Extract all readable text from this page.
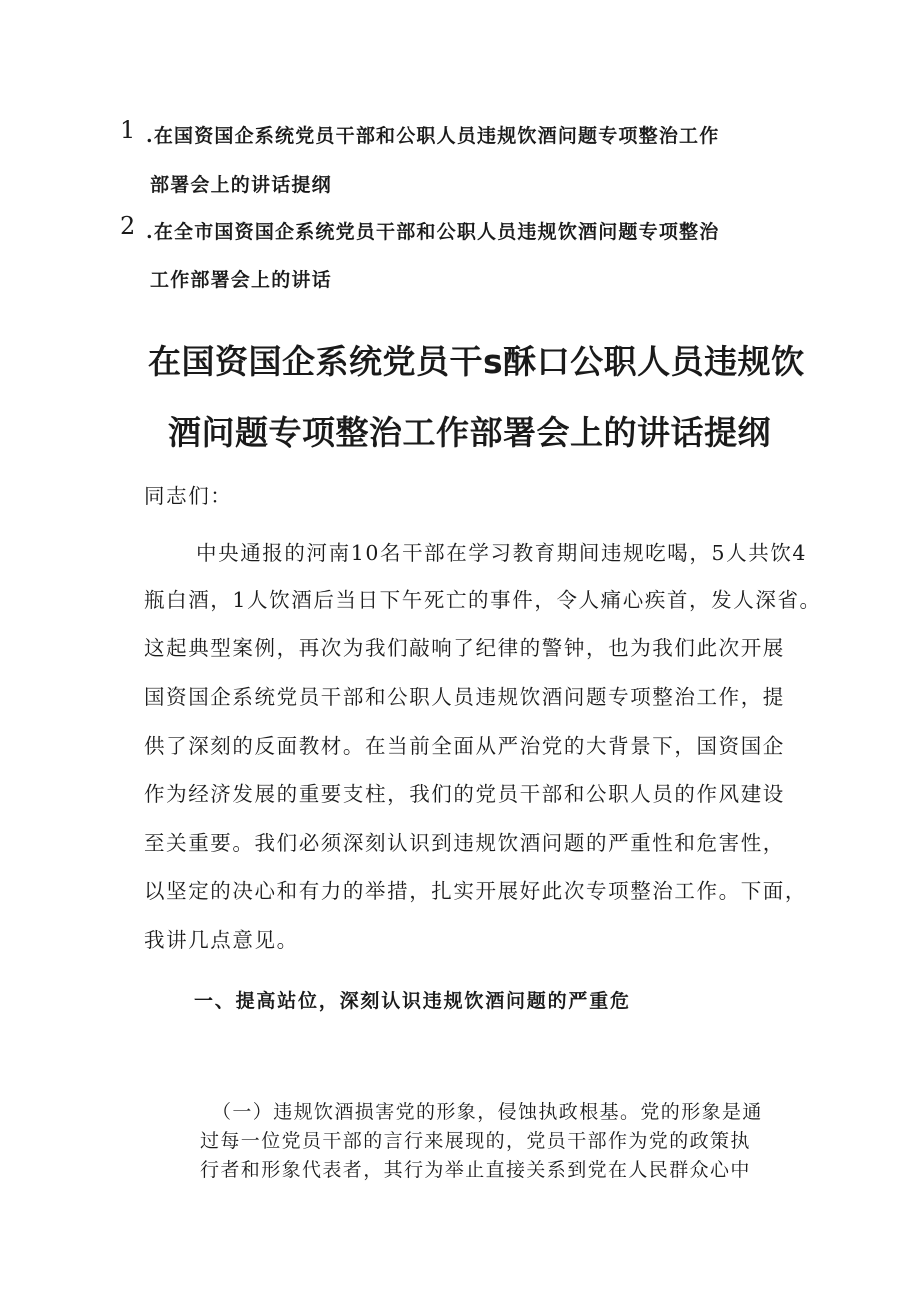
1 .在国资国企系统党员干部和公职人员违规饮酒问题专项整治工作
部署会上的讲话提纲
2 .在全市国资国企系统党员干部和公职人员违规饮酒问题专项整治
工作部署会上的讲话
在国资国企系统党员干s酥口公职人员违规饮
酒问题专项整治工作部署会上的讲话提纲
同志们：
中央通报的河南10名干部在学习教育期间违规吃喝，5人共饮4
瓶白酒，1人饮酒后当日下午死亡的事件，令人痛心疾首，发人深省。
这起典型案例，再次为我们敲响了纪律的警钟，也为我们此次开展
国资国企系统党员干部和公职人员违规饮酒问题专项整治工作，提
供了深刻的反面教材。在当前全面从严治党的大背景下，国资国企
作为经济发展的重要支柱，我们的党员干部和公职人员的作风建设
至关重要。我们必须深刻认识到违规饮酒问题的严重性和危害性，
以坚定的决心和有力的举措，扎实开展好此次专项整治工作。下面，
我讲几点意见。
一、提高站位，深刻认识违规饮酒问题的严重危
（一）违规饮酒损害党的形象，侵蚀执政根基。党的形象是通
过每一位党员干部的言行来展现的，党员干部作为党的政策执
行者和形象代表者，其行为举止直接关系到党在人民群众心中
